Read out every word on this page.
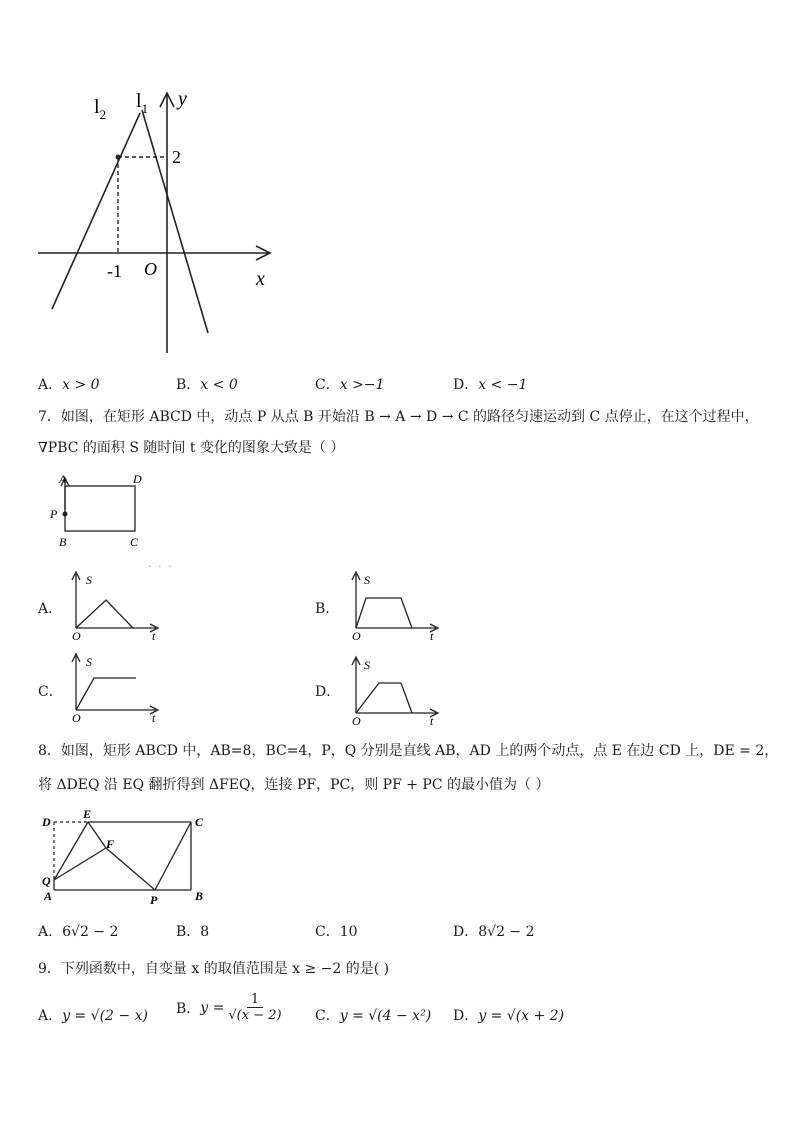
$l_2$
$l_1$ y
x
2
-1 O
A．x > 0	B．x < 0	C．x >−1	D．x < −1
7．如图，在矩形 ABCD 中，动点 P 从点 B 开始沿 B → A → D → C 的路径匀速运动到 C 点停止，在这个过程中，
∇PBC 的面积 S 随时间 t 变化的图象大致是（ ）
A	D
P
B	C
· · ·
A．
S
O	t
B．
S
O	t
C．
S
O	t
D．
S
O	t
8．如图，矩形 ABCD 中，AB=8，BC=4，P，Q 分别是直线 AB，AD 上的两个动点，点 E 在边 CD 上，DE = 2，
将 ΔDEQ 沿 EQ 翻折得到 ΔFEQ，连接 PF，PC，则 PF + PC 的最小值为（ ）
D
E
C
F
Q
A	P	B
A．6√2 − 2	B．8	C．10	D．8√2 − 2
9．下列函数中，自变量 x 的取值范围是 x ≥ −2 的是( )
A．y = √(2 − x) B． $y = \frac{1}{√(x - 2)}$ C．y = √(4 − x²) D．y = √(x + 2)
